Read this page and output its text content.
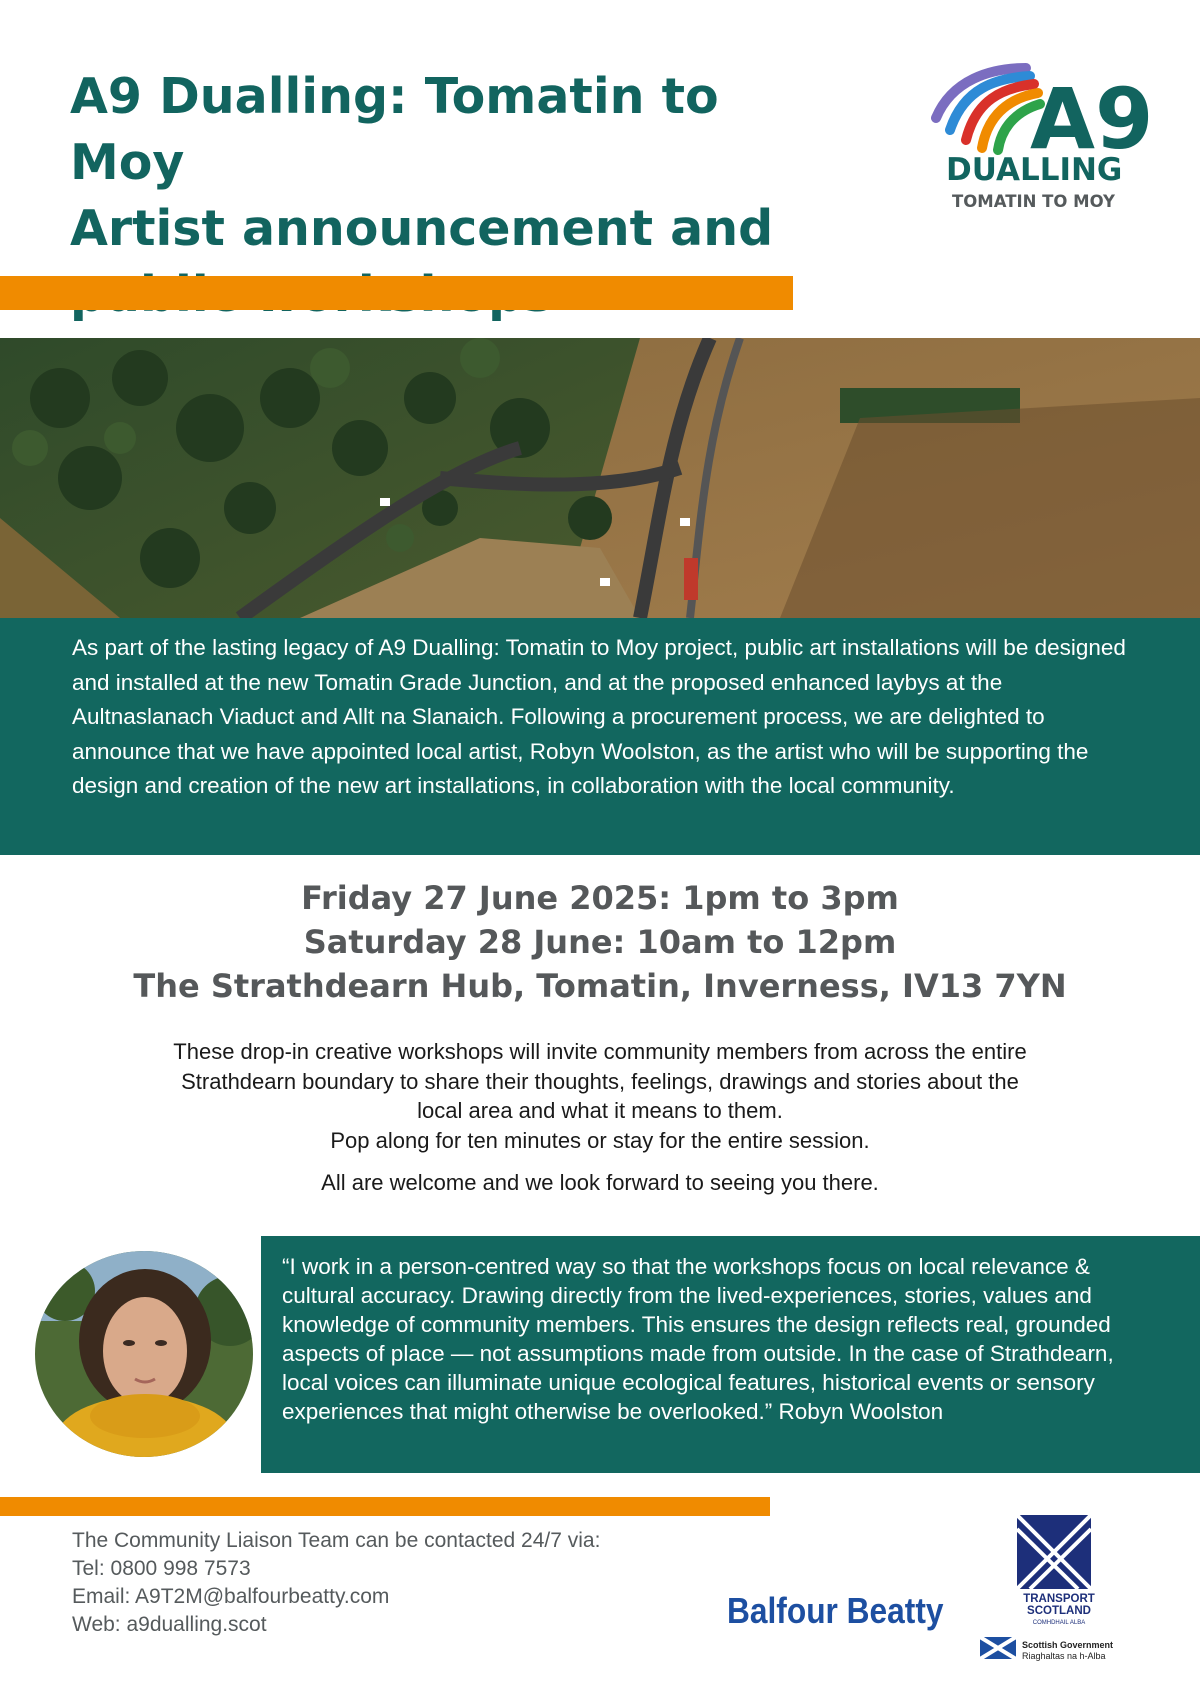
A9 Dualling: Tomatin to Moy
Artist announcement and
A9
DUALLING
TOMATIN TO MOY
As part of the lasting legacy of A9 Dualling: Tomatin to Moy project, public art installations will be designed and installed at the new Tomatin Grade Junction, and at the proposed enhanced laybys at the Aultnaslanach Viaduct and Allt na Slanaich. Following a procurement process, we are delighted to announce that we have appointed local artist, Robyn Woolston, as the artist who will be supporting the design and creation of the new art installations, in collaboration with the local community.
Friday 27 June 2025: 1pm to 3pm
Saturday 28 June: 10am to 12pm
The Strathdearn Hub, Tomatin, Inverness, IV13 7YN

These drop-in creative workshops will invite community members from across the entire

Strathdearn boundary to share their thoughts, feelings, drawings and stories about the

local area and what it means to them.

Pop along for ten minutes or stay for the entire session.

All are welcome and we look forward to seeing you there.

“I work in a person-centred way so that the workshops focus on local relevance & cultural accuracy. Drawing directly from the lived-experiences, stories, values and knowledge of community members. This ensures the design reflects real, grounded aspects of place — not assumptions made from outside. In the case of Strathdearn, local voices can illuminate unique ecological features, historical events or sensory experiences that might otherwise be overlooked.” Robyn Woolston
The Community Liaison Team can be contacted 24/7 via:
Tel: 0800 998 7573
Email: A9T2M@balfourbeatty.com
Web: a9dualling.scot	Balfour Beatty	TRANSPORT
SCOTLAND
COMHDHAIL ALBA
Scottish Government
Riaghaltas na h-Alba
